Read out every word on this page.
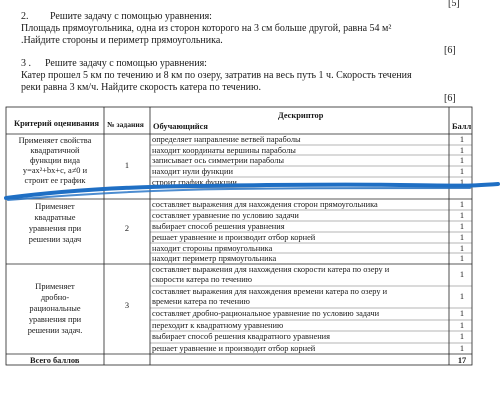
[5]
2. Решите задачу с помощью уравнения:
Площадь прямоугольника, одна из сторон которого на 3 см больше другой, равна 54 м²
.Найдите стороны и периметр прямоугольника.
[6]
3 . Решите задачу с помощью уравнения:
Катер прошел 5 км по течению и 8 км по озеру, затратив на весь путь 1 ч. Скорость течения
реки равна 3 км/ч. Найдите скорость катера по течению.
[6]
Критерий оценивания № задания
Дескриптор
Обучающийся	Балл
Применяет свойства
квадратичной
функции вида
y=ax²+bx+c, a≠0 и
строит ее график
1
определяет направление ветвей параболы
находит координаты вершины параболы
записывает ось симметрии параболы
находит нули функции
строит график функции
1
1
1
1
1
Применяет
квадратные
уравнения при
решении задач
2
составляет выражения для нахождения сторон прямоугольника
составляет уравнение по условию задачи
выбирает способ решения уравнения
решает уравнение и производит отбор корней
находит стороны прямоугольника
находит периметр прямоугольника
1
1
1
1
1
1
Применяет
дробно-
рациональные
уравнения при
решении задач.
3
составляет выражения для нахождения скорости катера по озеру и
скорости катера по течению
составляет выражения для нахождения времени катера по озеру и
времени катера по течению
составляет дробно-рациональное уравнение по условию задачи
переходит к квадратному уравнению
выбирает способ решения квадратного уравнения
решает уравнение и производит отбор корней
1
1
1
1
1
1
Всего баллов	17
